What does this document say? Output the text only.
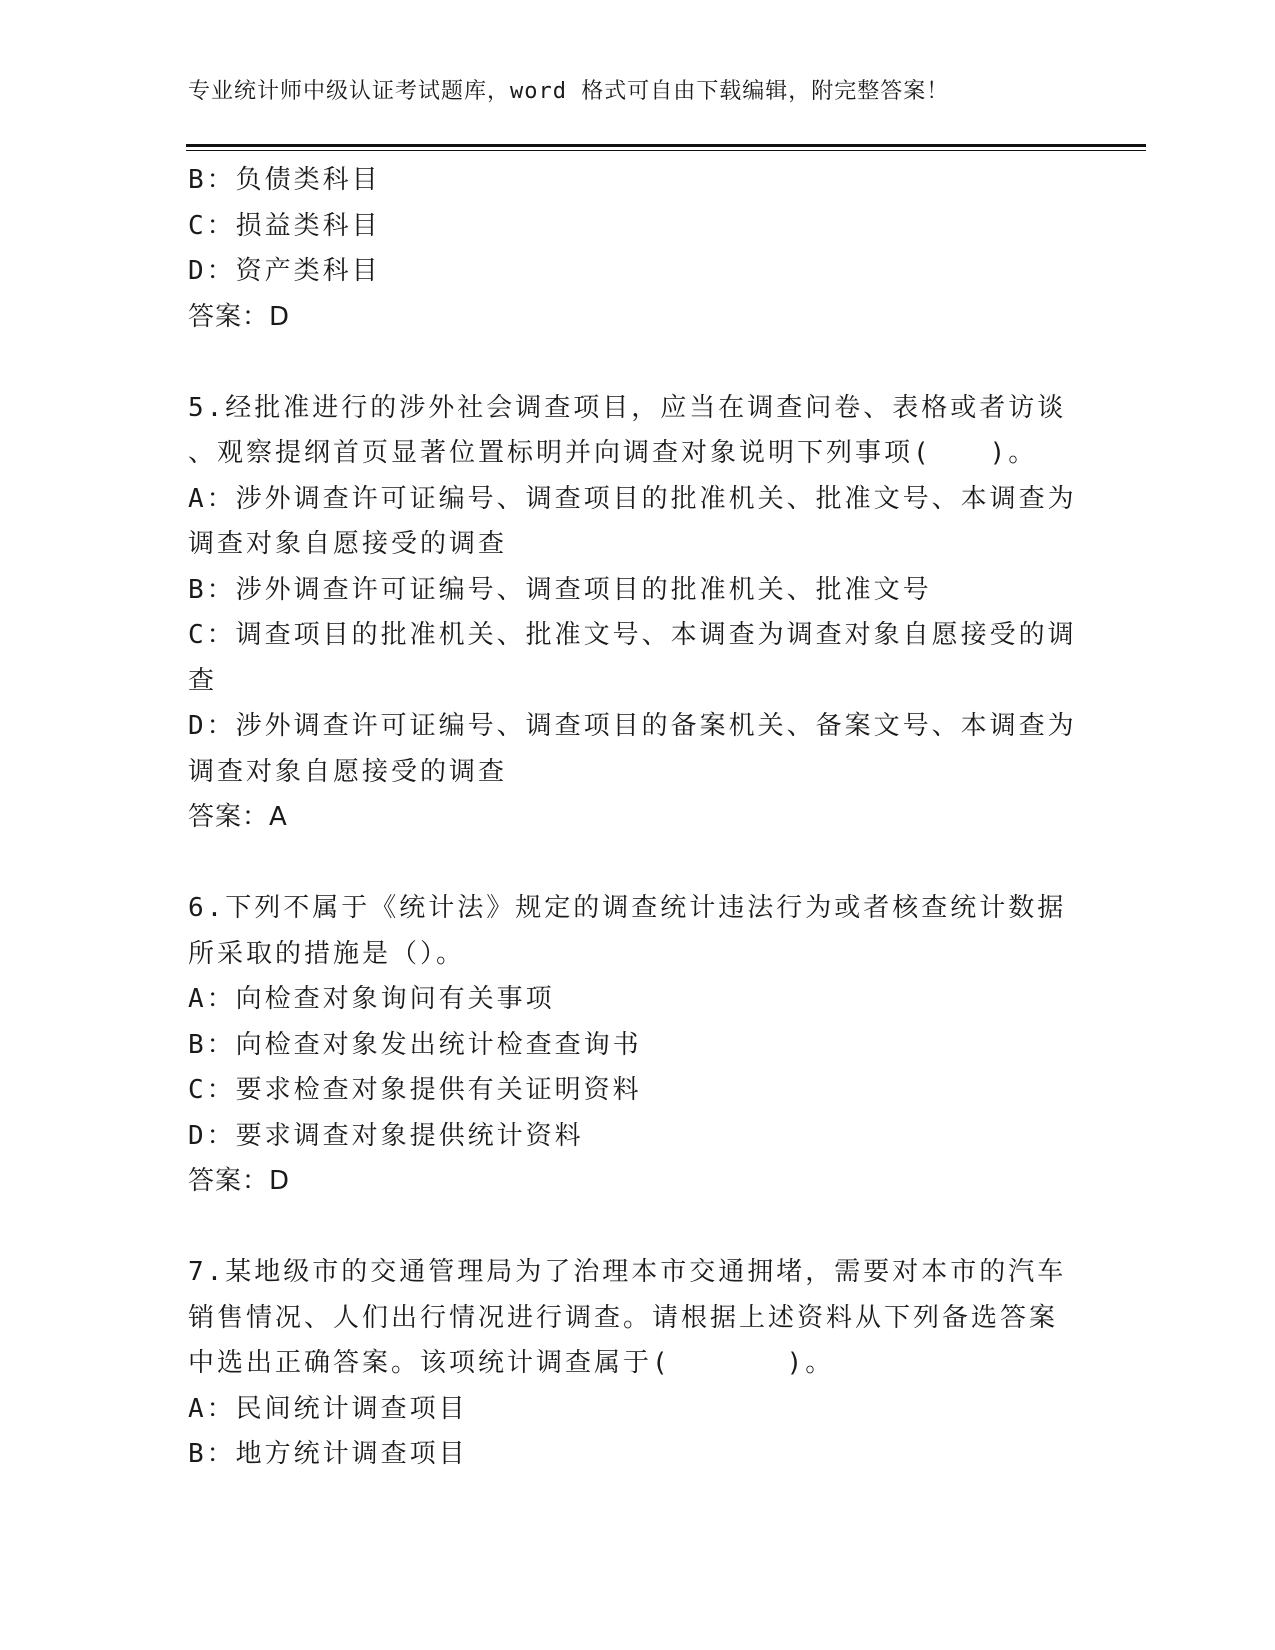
专业统计师中级认证考试题库，word 格式可自由下载编辑，附完整答案！
B：负债类科目
C：损益类科目
D：资产类科目
答案：D
5.经批准进行的涉外社会调查项目，应当在调查问卷、表格或者访谈
、观察提纲首页显著位置标明并向调查对象说明下列事项(　　)。
A：涉外调查许可证编号、调查项目的批准机关、批准文号、本调查为
调查对象自愿接受的调查
B：涉外调查许可证编号、调查项目的批准机关、批准文号
C：调查项目的批准机关、批准文号、本调查为调查对象自愿接受的调
查
D：涉外调查许可证编号、调查项目的备案机关、备案文号、本调查为
调查对象自愿接受的调查
答案：A
6.下列不属于《统计法》规定的调查统计违法行为或者核查统计数据
所采取的措施是（）。
A：向检查对象询问有关事项
B：向检查对象发出统计检查查询书
C：要求检查对象提供有关证明资料
D：要求调查对象提供统计资料
答案：D
7.某地级市的交通管理局为了治理本市交通拥堵，需要对本市的汽车
销售情况、人们出行情况进行调查。请根据上述资料从下列备选答案
中选出正确答案。该项统计调查属于(　　　　)。
A：民间统计调查项目
B：地方统计调查项目
